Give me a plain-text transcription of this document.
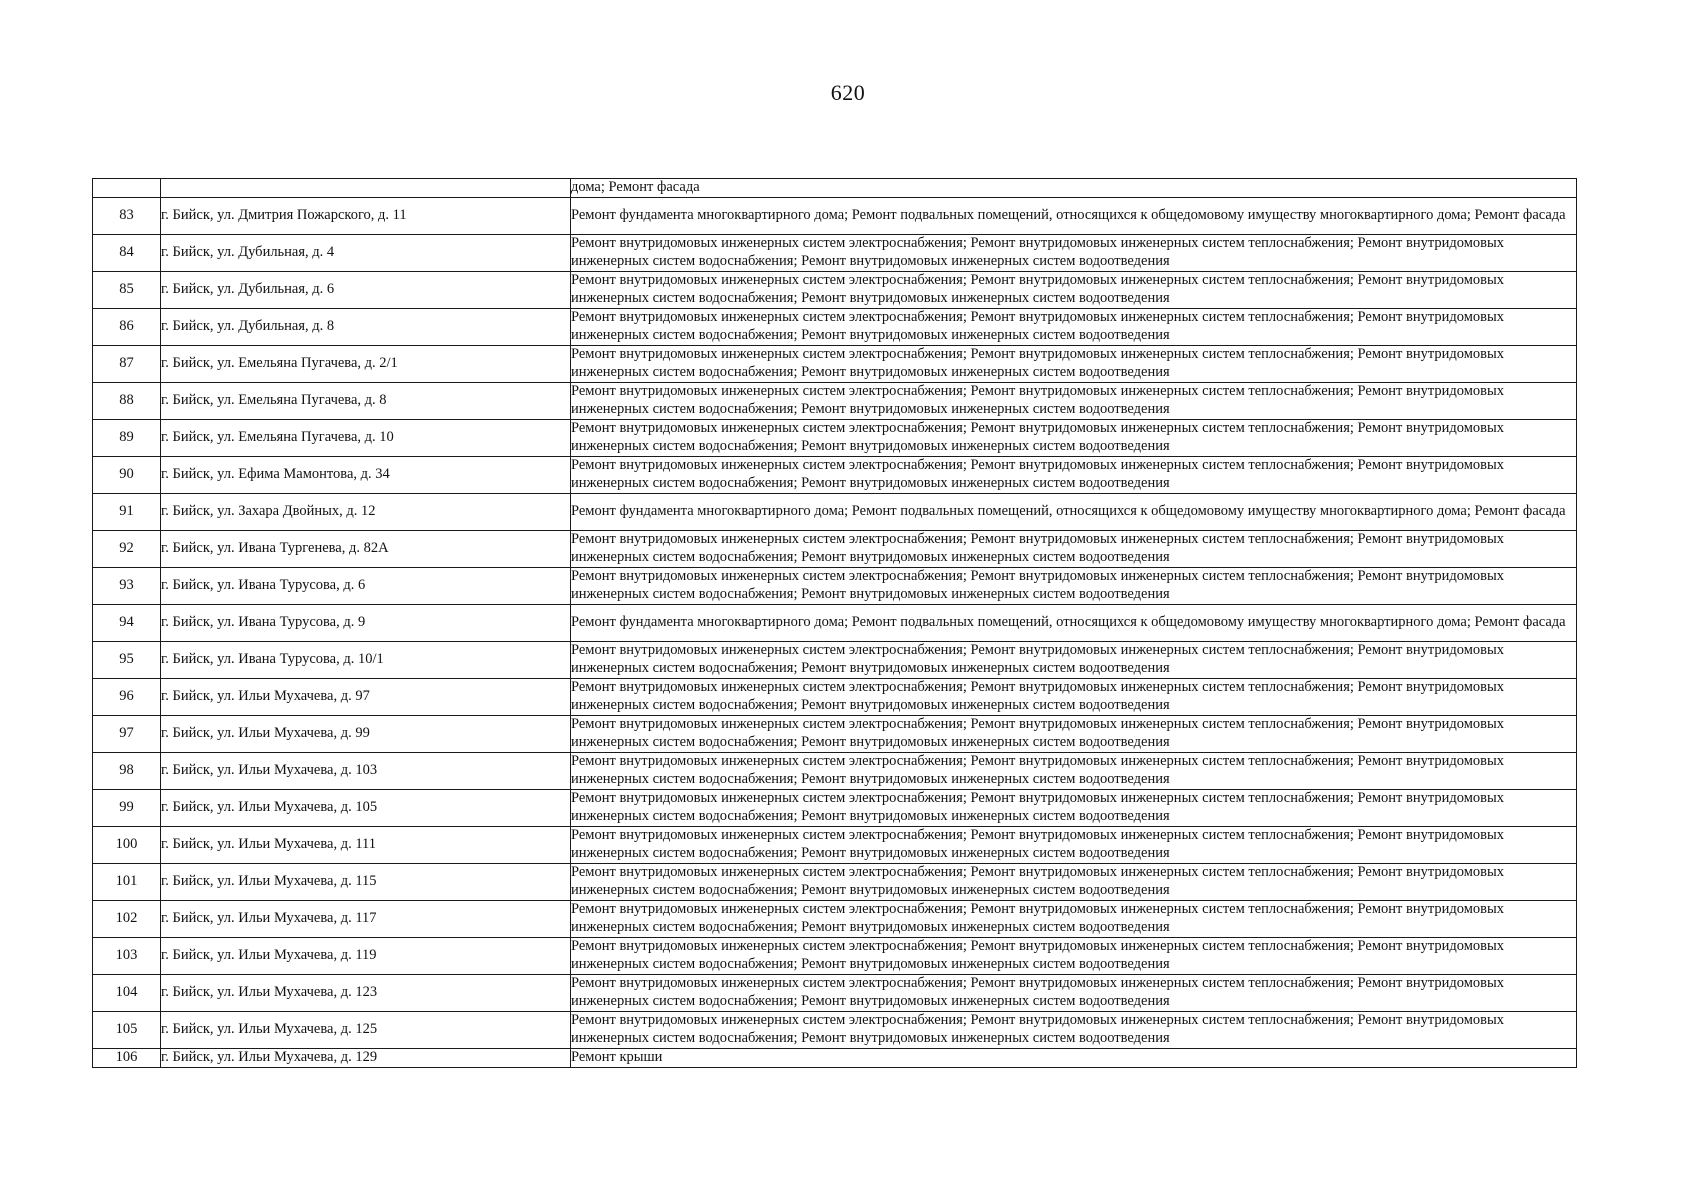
620
		дома; Ремонт фасада
83	г. Бийск, ул. Дмитрия Пожарского, д. 11	Ремонт фундамента многоквартирного дома; Ремонт подвальных помещений, относящихся к общедомовому имуществу многоквартирного дома; Ремонт фасада
84	г. Бийск, ул. Дубильная, д. 4	Ремонт внутридомовых инженерных систем электроснабжения; Ремонт внутридомовых инженерных систем теплоснабжения; Ремонт внутридомовых инженерных систем водоснабжения; Ремонт внутридомовых инженерных систем водоотведения
85	г. Бийск, ул. Дубильная, д. 6	Ремонт внутридомовых инженерных систем электроснабжения; Ремонт внутридомовых инженерных систем теплоснабжения; Ремонт внутридомовых инженерных систем водоснабжения; Ремонт внутридомовых инженерных систем водоотведения
86	г. Бийск, ул. Дубильная, д. 8	Ремонт внутридомовых инженерных систем электроснабжения; Ремонт внутридомовых инженерных систем теплоснабжения; Ремонт внутридомовых инженерных систем водоснабжения; Ремонт внутридомовых инженерных систем водоотведения
87	г. Бийск, ул. Емельяна Пугачева, д. 2/1	Ремонт внутридомовых инженерных систем электроснабжения; Ремонт внутридомовых инженерных систем теплоснабжения; Ремонт внутридомовых инженерных систем водоснабжения; Ремонт внутридомовых инженерных систем водоотведения
88	г. Бийск, ул. Емельяна Пугачева, д. 8	Ремонт внутридомовых инженерных систем электроснабжения; Ремонт внутридомовых инженерных систем теплоснабжения; Ремонт внутридомовых инженерных систем водоснабжения; Ремонт внутридомовых инженерных систем водоотведения
89	г. Бийск, ул. Емельяна Пугачева, д. 10	Ремонт внутридомовых инженерных систем электроснабжения; Ремонт внутридомовых инженерных систем теплоснабжения; Ремонт внутридомовых инженерных систем водоснабжения; Ремонт внутридомовых инженерных систем водоотведения
90	г. Бийск, ул. Ефима Мамонтова, д. 34	Ремонт внутридомовых инженерных систем электроснабжения; Ремонт внутридомовых инженерных систем теплоснабжения; Ремонт внутридомовых инженерных систем водоснабжения; Ремонт внутридомовых инженерных систем водоотведения
91	г. Бийск, ул. Захара Двойных, д. 12	Ремонт фундамента многоквартирного дома; Ремонт подвальных помещений, относящихся к общедомовому имуществу многоквартирного дома; Ремонт фасада
92	г. Бийск, ул. Ивана Тургенева, д. 82А	Ремонт внутридомовых инженерных систем электроснабжения; Ремонт внутридомовых инженерных систем теплоснабжения; Ремонт внутридомовых инженерных систем водоснабжения; Ремонт внутридомовых инженерных систем водоотведения
93	г. Бийск, ул. Ивана Турусова, д. 6	Ремонт внутридомовых инженерных систем электроснабжения; Ремонт внутридомовых инженерных систем теплоснабжения; Ремонт внутридомовых инженерных систем водоснабжения; Ремонт внутридомовых инженерных систем водоотведения
94	г. Бийск, ул. Ивана Турусова, д. 9	Ремонт фундамента многоквартирного дома; Ремонт подвальных помещений, относящихся к общедомовому имуществу многоквартирного дома; Ремонт фасада
95	г. Бийск, ул. Ивана Турусова, д. 10/1	Ремонт внутридомовых инженерных систем электроснабжения; Ремонт внутридомовых инженерных систем теплоснабжения; Ремонт внутридомовых инженерных систем водоснабжения; Ремонт внутридомовых инженерных систем водоотведения
96	г. Бийск, ул. Ильи Мухачева, д. 97	Ремонт внутридомовых инженерных систем электроснабжения; Ремонт внутридомовых инженерных систем теплоснабжения; Ремонт внутридомовых инженерных систем водоснабжения; Ремонт внутридомовых инженерных систем водоотведения
97	г. Бийск, ул. Ильи Мухачева, д. 99	Ремонт внутридомовых инженерных систем электроснабжения; Ремонт внутридомовых инженерных систем теплоснабжения; Ремонт внутридомовых инженерных систем водоснабжения; Ремонт внутридомовых инженерных систем водоотведения
98	г. Бийск, ул. Ильи Мухачева, д. 103	Ремонт внутридомовых инженерных систем электроснабжения; Ремонт внутридомовых инженерных систем теплоснабжения; Ремонт внутридомовых инженерных систем водоснабжения; Ремонт внутридомовых инженерных систем водоотведения
99	г. Бийск, ул. Ильи Мухачева, д. 105	Ремонт внутридомовых инженерных систем электроснабжения; Ремонт внутридомовых инженерных систем теплоснабжения; Ремонт внутридомовых инженерных систем водоснабжения; Ремонт внутридомовых инженерных систем водоотведения
100	г. Бийск, ул. Ильи Мухачева, д. 111	Ремонт внутридомовых инженерных систем электроснабжения; Ремонт внутридомовых инженерных систем теплоснабжения; Ремонт внутридомовых инженерных систем водоснабжения; Ремонт внутридомовых инженерных систем водоотведения
101	г. Бийск, ул. Ильи Мухачева, д. 115	Ремонт внутридомовых инженерных систем электроснабжения; Ремонт внутридомовых инженерных систем теплоснабжения; Ремонт внутридомовых инженерных систем водоснабжения; Ремонт внутридомовых инженерных систем водоотведения
102	г. Бийск, ул. Ильи Мухачева, д. 117	Ремонт внутридомовых инженерных систем электроснабжения; Ремонт внутридомовых инженерных систем теплоснабжения; Ремонт внутридомовых инженерных систем водоснабжения; Ремонт внутридомовых инженерных систем водоотведения
103	г. Бийск, ул. Ильи Мухачева, д. 119	Ремонт внутридомовых инженерных систем электроснабжения; Ремонт внутридомовых инженерных систем теплоснабжения; Ремонт внутридомовых инженерных систем водоснабжения; Ремонт внутридомовых инженерных систем водоотведения
104	г. Бийск, ул. Ильи Мухачева, д. 123	Ремонт внутридомовых инженерных систем электроснабжения; Ремонт внутридомовых инженерных систем теплоснабжения; Ремонт внутридомовых инженерных систем водоснабжения; Ремонт внутридомовых инженерных систем водоотведения
105	г. Бийск, ул. Ильи Мухачева, д. 125	Ремонт внутридомовых инженерных систем электроснабжения; Ремонт внутридомовых инженерных систем теплоснабжения; Ремонт внутридомовых инженерных систем водоснабжения; Ремонт внутридомовых инженерных систем водоотведения
106	г. Бийск, ул. Ильи Мухачева, д. 129	Ремонт крыши
